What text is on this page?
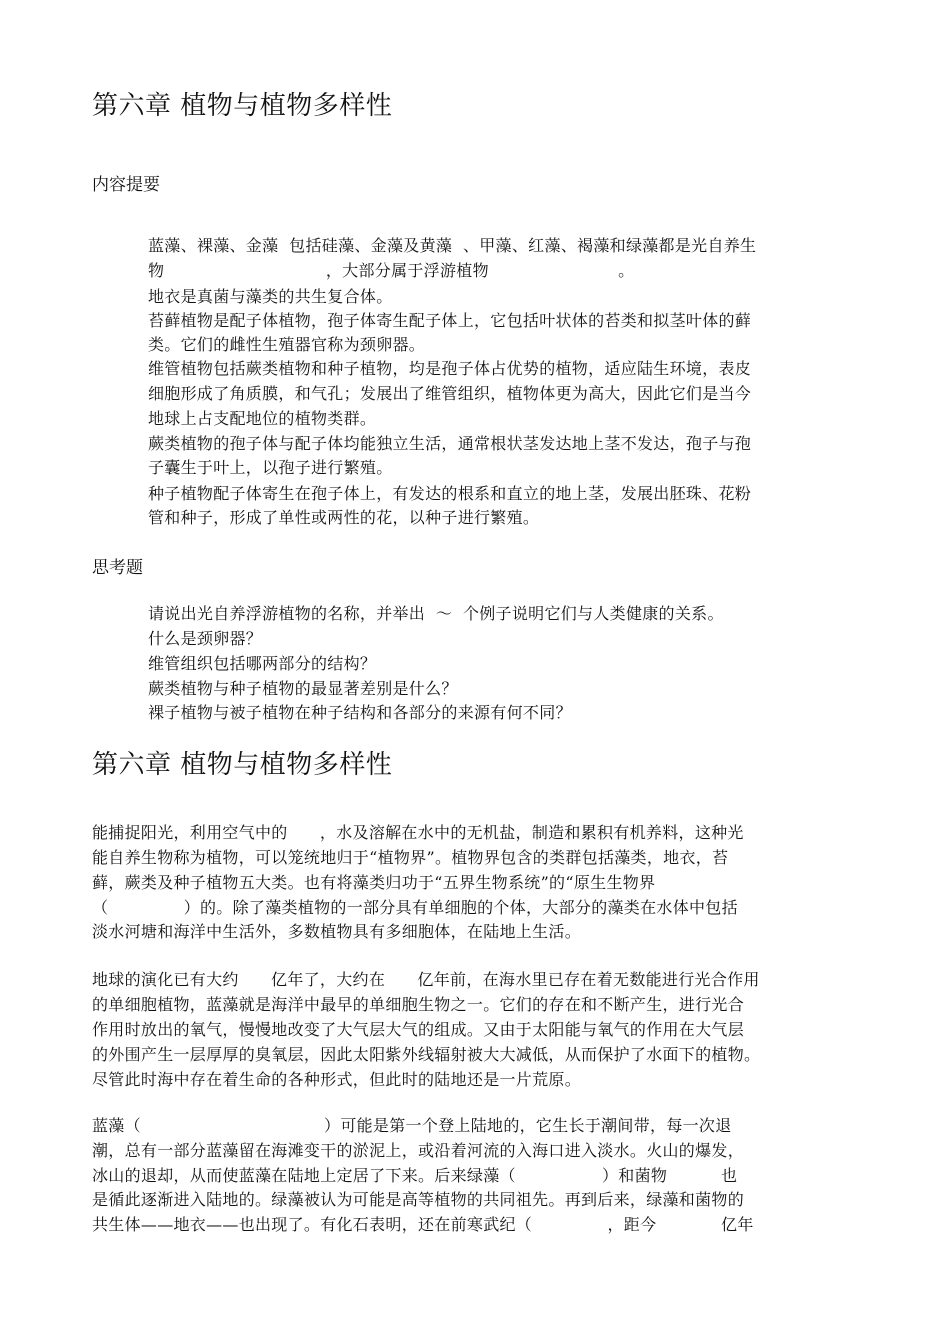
第六章 植物与植物多样性
内容提要
蓝藻、裸藻、金藻  包括硅藻、金藻及黄藻  、甲藻、红藻、褐藻和绿藻都是光自养生
物                              ，大部分属于浮游植物                        。
地衣是真菌与藻类的共生复合体。
苔藓植物是配子体植物，孢子体寄生配子体上，它包括叶状体的苔类和拟茎叶体的藓
类。它们的雌性生殖器官称为颈卵器。
维管植物包括蕨类植物和种子植物，均是孢子体占优势的植物，适应陆生环境，表皮
细胞形成了角质膜，和气孔；发展出了维管组织，植物体更为高大，因此它们是当今
地球上占支配地位的植物类群。
蕨类植物的孢子体与配子体均能独立生活，通常根状茎发达地上茎不发达，孢子与孢
子囊生于叶上，以孢子进行繁殖。
种子植物配子体寄生在孢子体上，有发达的根系和直立的地上茎，发展出胚珠、花粉
管和种子，形成了单性或两性的花，以种子进行繁殖。
思考题
请说出光自养浮游植物的名称，并举出  ～  个例子说明它们与人类健康的关系。
什么是颈卵器？
维管组织包括哪两部分的结构？
蕨类植物与种子植物的最显著差别是什么？
裸子植物与被子植物在种子结构和各部分的来源有何不同？
第六章 植物与植物多样性
能捕捉阳光，利用空气中的      ，水及溶解在水中的无机盐，制造和累积有机养料，这种光
能自养生物称为植物，可以笼统地归于“植物界”。植物界包含的类群包括藻类，地衣，苔
藓，蕨类及种子植物五大类。也有将藻类归功于“五界生物系统”的“原生生物界
（              ）的。除了藻类植物的一部分具有单细胞的个体，大部分的藻类在水体中包括
淡水河塘和海洋中生活外，多数植物具有多细胞体，在陆地上生活。
地球的演化已有大约      亿年了，大约在      亿年前，在海水里已存在着无数能进行光合作用
的单细胞植物，蓝藻就是海洋中最早的单细胞生物之一。它们的存在和不断产生，进行光合
作用时放出的氧气，慢慢地改变了大气层大气的组成。又由于太阳能与氧气的作用在大气层
的外围产生一层厚厚的臭氧层，因此太阳紫外线辐射被大大减低，从而保护了水面下的植物。
尽管此时海中存在着生命的各种形式，但此时的陆地还是一片荒原。
蓝藻（                                  ）可能是第一个登上陆地的，它生长于潮间带，每一次退
潮，总有一部分蓝藻留在海滩变干的淤泥上，或沿着河流的入海口进入淡水。火山的爆发，
冰山的退却，从而使蓝藻在陆地上定居了下来。后来绿藻（                ）和菌物          也
是循此逐渐进入陆地的。绿藻被认为可能是高等植物的共同祖先。再到后来，绿藻和菌物的
共生体——地衣——也出现了。有化石表明，还在前寒武纪（              ，距今            亿年
